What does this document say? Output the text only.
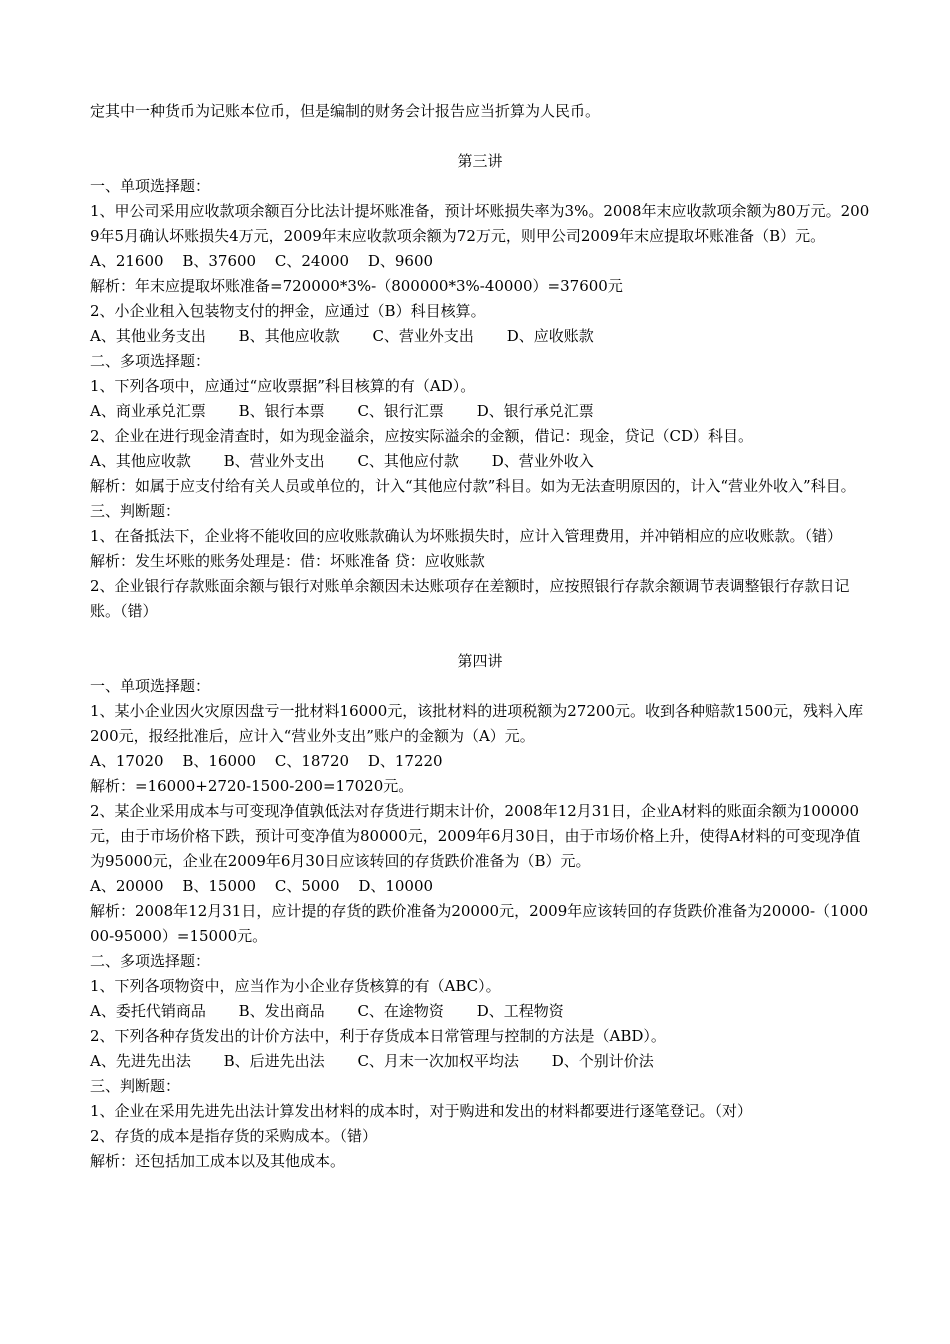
定其中一种货币为记账本位币，但是编制的财务会计报告应当折算为人民币。
第三讲
一、单项选择题：
1、甲公司采用应收款项余额百分比法计提坏账准备，预计坏账损失率为3%。2008年末应收款项余额为80万元。2009年5月确认坏账损失4万元，2009年末应收款项余额为72万元，则甲公司2009年末应提取坏账准备（B）元。
A、21600 B、37600 C、24000 D、9600
解析：年末应提取坏账准备=720000*3%-（800000*3%-40000）=37600元
2、小企业租入包装物支付的押金，应通过（B）科目核算。
A、其他业务支出 B、其他应收款 C、营业外支出 D、应收账款
二、多项选择题：
1、下列各项中，应通过“应收票据”科目核算的有（AD）。
A、商业承兑汇票 B、银行本票 C、银行汇票 D、银行承兑汇票
2、企业在进行现金清查时，如为现金溢余，应按实际溢余的金额，借记：现金，贷记（CD）科目。
A、其他应收款 B、营业外支出 C、其他应付款 D、营业外收入
解析：如属于应支付给有关人员或单位的，计入“其他应付款”科目。如为无法查明原因的，计入“营业外收入”科目。
三、判断题：
1、在备抵法下，企业将不能收回的应收账款确认为坏账损失时，应计入管理费用，并冲销相应的应收账款。（错）
解析：发生坏账的账务处理是：借：坏账准备 贷：应收账款
2、企业银行存款账面余额与银行对账单余额因未达账项存在差额时，应按照银行存款余额调节表调整银行存款日记账。（错）
第四讲
一、单项选择题：
1、某小企业因火灾原因盘亏一批材料16000元，该批材料的进项税额为27200元。收到各种赔款1500元，残料入库200元，报经批准后，应计入“营业外支出”账户的金额为（A）元。
A、17020 B、16000 C、18720 D、17220
解析：=16000+2720-1500-200=17020元。
2、某企业采用成本与可变现净值孰低法对存货进行期末计价，2008年12月31日，企业A材料的账面余额为100000元，由于市场价格下跌，预计可变净值为80000元，2009年6月30日，由于市场价格上升，使得A材料的可变现净值为95000元，企业在2009年6月30日应该转回的存货跌价准备为（B）元。
A、20000 B、15000 C、5000 D、10000
解析：2008年12月31日，应计提的存货的跌价准备为20000元，2009年应该转回的存货跌价准备为20000-（100000-95000）=15000元。
二、多项选择题：
1、下列各项物资中，应当作为小企业存货核算的有（ABC）。
A、委托代销商品 B、发出商品 C、在途物资 D、工程物资
2、下列各种存货发出的计价方法中，利于存货成本日常管理与控制的方法是（ABD）。
A、先进先出法 B、后进先出法 C、月末一次加权平均法 D、个别计价法
三、判断题：
1、企业在采用先进先出法计算发出材料的成本时，对于购进和发出的材料都要进行逐笔登记。（对）
2、存货的成本是指存货的采购成本。（错）
解析：还包括加工成本以及其他成本。
